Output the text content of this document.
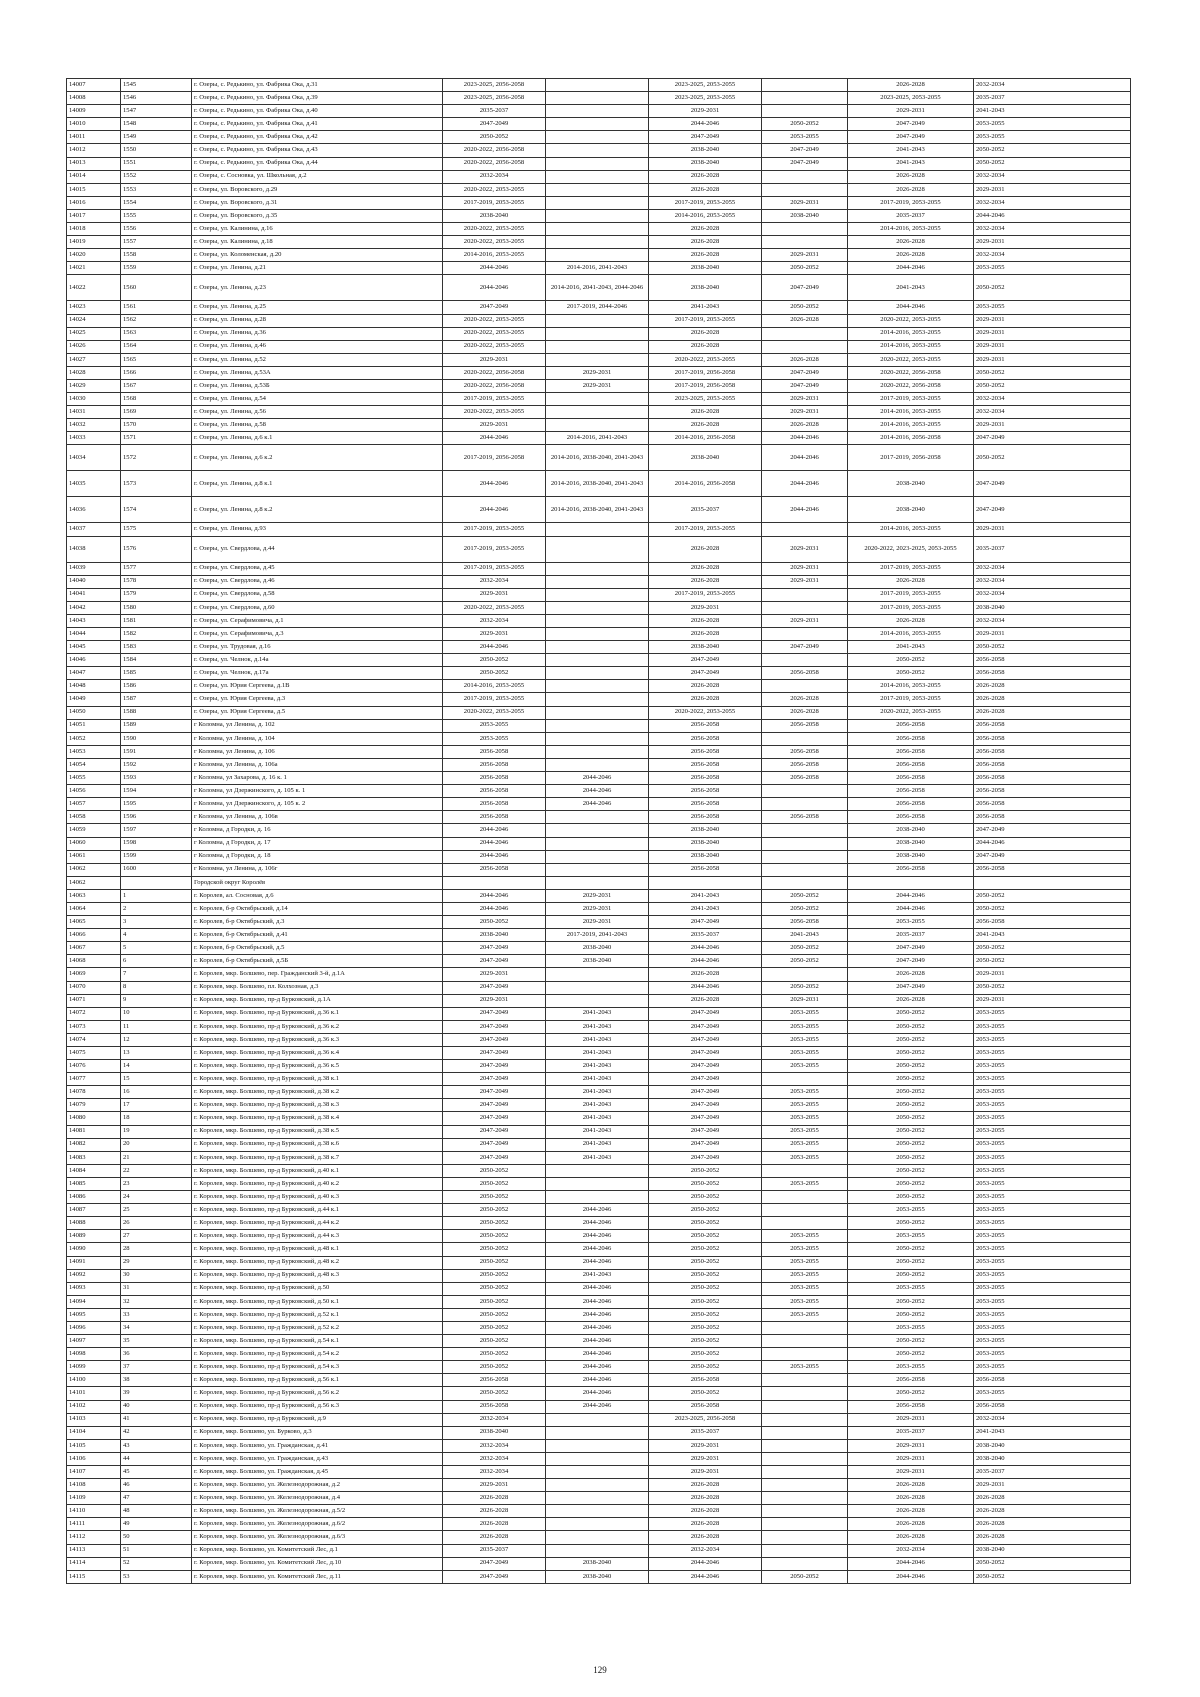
14007	1545	г. Озеры, с. Редькино, ул. Фабрика Ока, д.31	2023-2025, 2056-2058		2023-2025, 2053-2055		2026-2028	2032-2034
14008	1546	г. Озеры, с. Редькино, ул. Фабрика Ока, д.39	2023-2025, 2056-2058		2023-2025, 2053-2055		2023-2025, 2053-2055	2035-2037
14009	1547	г. Озеры, с. Редькино, ул. Фабрика Ока, д.40	2035-2037		2029-2031		2029-2031	2041-2043
14010	1548	г. Озеры, с. Редькино, ул. Фабрика Ока, д.41	2047-2049		2044-2046	2050-2052	2047-2049	2053-2055
14011	1549	г. Озеры, с. Редькино, ул. Фабрика Ока, д.42	2050-2052		2047-2049	2053-2055	2047-2049	2053-2055
14012	1550	г. Озеры, с. Редькино, ул. Фабрика Ока, д.43	2020-2022, 2056-2058		2038-2040	2047-2049	2041-2043	2050-2052
14013	1551	г. Озеры, с. Редькино, ул. Фабрика Ока, д.44	2020-2022, 2056-2058		2038-2040	2047-2049	2041-2043	2050-2052
14014	1552	г. Озеры, с. Сосновка, ул. Школьная, д.2	2032-2034		2026-2028		2026-2028	2032-2034
14015	1553	г. Озеры, ул. Воровского, д.29	2020-2022, 2053-2055		2026-2028		2026-2028	2029-2031
14016	1554	г. Озеры, ул. Воровского, д.31	2017-2019, 2053-2055		2017-2019, 2053-2055	2029-2031	2017-2019, 2053-2055	2032-2034
14017	1555	г. Озеры, ул. Воровского, д.35	2038-2040		2014-2016, 2053-2055	2038-2040	2035-2037	2044-2046
14018	1556	г. Озеры, ул. Калинина, д.16	2020-2022, 2053-2055		2026-2028		2014-2016, 2053-2055	2032-2034
14019	1557	г. Озеры, ул. Калинина, д.18	2020-2022, 2053-2055		2026-2028		2026-2028	2029-2031
14020	1558	г. Озеры, ул. Коломенская, д.20	2014-2016, 2053-2055		2026-2028	2029-2031	2026-2028	2032-2034
14021	1559	г. Озеры, ул. Ленина, д.21	2044-2046	2014-2016, 2041-2043	2038-2040	2050-2052	2044-2046	2053-2055
14022	1560	г. Озеры, ул. Ленина, д.23	2044-2046	2014-2016, 2041-2043, 2044-2046	2038-2040	2047-2049	2041-2043	2050-2052
14023	1561	г. Озеры, ул. Ленина, д.25	2047-2049	2017-2019, 2044-2046	2041-2043	2050-2052	2044-2046	2053-2055
14024	1562	г. Озеры, ул. Ленина, д.28	2020-2022, 2053-2055		2017-2019, 2053-2055	2026-2028	2020-2022, 2053-2055	2029-2031
14025	1563	г. Озеры, ул. Ленина, д.36	2020-2022, 2053-2055		2026-2028		2014-2016, 2053-2055	2029-2031
14026	1564	г. Озеры, ул. Ленина, д.46	2020-2022, 2053-2055		2026-2028		2014-2016, 2053-2055	2029-2031
14027	1565	г. Озеры, ул. Ленина, д.52	2029-2031		2020-2022, 2053-2055	2026-2028	2020-2022, 2053-2055	2029-2031
14028	1566	г. Озеры, ул. Ленина, д.53А	2020-2022, 2056-2058	2029-2031	2017-2019, 2056-2058	2047-2049	2020-2022, 2056-2058	2050-2052
14029	1567	г. Озеры, ул. Ленина, д.53Б	2020-2022, 2056-2058	2029-2031	2017-2019, 2056-2058	2047-2049	2020-2022, 2056-2058	2050-2052
14030	1568	г. Озеры, ул. Ленина, д.54	2017-2019, 2053-2055		2023-2025, 2053-2055	2029-2031	2017-2019, 2053-2055	2032-2034
14031	1569	г. Озеры, ул. Ленина, д.56	2020-2022, 2053-2055		2026-2028	2029-2031	2014-2016, 2053-2055	2032-2034
14032	1570	г. Озеры, ул. Ленина, д.58	2029-2031		2026-2028	2026-2028	2014-2016, 2053-2055	2029-2031
14033	1571	г. Озеры, ул. Ленина, д.6 к.1	2044-2046	2014-2016, 2041-2043	2014-2016, 2056-2058	2044-2046	2014-2016, 2056-2058	2047-2049
14034	1572	г. Озеры, ул. Ленина, д.6 к.2	2017-2019, 2056-2058	2014-2016, 2038-2040, 2041-2043	2038-2040	2044-2046	2017-2019, 2056-2058	2050-2052
14035	1573	г. Озеры, ул. Ленина, д.8 к.1	2044-2046	2014-2016, 2038-2040, 2041-2043	2014-2016, 2056-2058	2044-2046	2038-2040	2047-2049
14036	1574	г. Озеры, ул. Ленина, д.8 к.2	2044-2046	2014-2016, 2038-2040, 2041-2043	2035-2037	2044-2046	2038-2040	2047-2049
14037	1575	г. Озеры, ул. Ленина, д.93	2017-2019, 2053-2055		2017-2019, 2053-2055		2014-2016, 2053-2055	2029-2031
14038	1576	г. Озеры, ул. Свердлова, д.44	2017-2019, 2053-2055		2026-2028	2029-2031	2020-2022, 2023-2025, 2053-2055	2035-2037
14039	1577	г. Озеры, ул. Свердлова, д.45	2017-2019, 2053-2055		2026-2028	2029-2031	2017-2019, 2053-2055	2032-2034
14040	1578	г. Озеры, ул. Свердлова, д.46	2032-2034		2026-2028	2029-2031	2026-2028	2032-2034
14041	1579	г. Озеры, ул. Свердлова, д.58	2029-2031		2017-2019, 2053-2055		2017-2019, 2053-2055	2032-2034
14042	1580	г. Озеры, ул. Свердлова, д.60	2020-2022, 2053-2055		2029-2031		2017-2019, 2053-2055	2038-2040
14043	1581	г. Озеры, ул. Серафимовича, д.1	2032-2034		2026-2028	2029-2031	2026-2028	2032-2034
14044	1582	г. Озеры, ул. Серафимовича, д.3	2029-2031		2026-2028		2014-2016, 2053-2055	2029-2031
14045	1583	г. Озеры, ул. Трудовая, д.16	2044-2046		2038-2040	2047-2049	2041-2043	2050-2052
14046	1584	г. Озеры, ул. Челнок, д.14а	2050-2052		2047-2049		2050-2052	2056-2058
14047	1585	г. Озеры, ул. Челнок, д.17а	2050-2052		2047-2049	2056-2058	2050-2052	2056-2058
14048	1586	г. Озеры, ул. Юрия Сергеева, д.1В	2014-2016, 2053-2055		2026-2028		2014-2016, 2053-2055	2026-2028
14049	1587	г. Озеры, ул. Юрия Сергеева, д.3	2017-2019, 2053-2055		2026-2028	2026-2028	2017-2019, 2053-2055	2026-2028
14050	1588	г. Озеры, ул. Юрия Сергеева, д.5	2020-2022, 2053-2055		2020-2022, 2053-2055	2026-2028	2020-2022, 2053-2055	2026-2028
14051	1589	г Коломна, ул Ленина, д. 102	2053-2055		2056-2058	2056-2058	2056-2058	2056-2058
14052	1590	г Коломна, ул Ленина, д. 104	2053-2055		2056-2058		2056-2058	2056-2058
14053	1591	г Коломна, ул Ленина, д. 106	2056-2058		2056-2058	2056-2058	2056-2058	2056-2058
14054	1592	г Коломна, ул Ленина, д. 106а	2056-2058		2056-2058	2056-2058	2056-2058	2056-2058
14055	1593	г Коломна, ул Захарова, д. 16 к. 1	2056-2058	2044-2046	2056-2058	2056-2058	2056-2058	2056-2058
14056	1594	г Коломна, ул Дзержинского, д. 105 к. 1	2056-2058	2044-2046	2056-2058		2056-2058	2056-2058
14057	1595	г Коломна, ул Дзержинского, д. 105 к. 2	2056-2058	2044-2046	2056-2058		2056-2058	2056-2058
14058	1596	г Коломна, ул Ленина, д. 106в	2056-2058		2056-2058	2056-2058	2056-2058	2056-2058
14059	1597	г Коломна, д Городки, д. 16	2044-2046		2038-2040		2038-2040	2047-2049
14060	1598	г Коломна, д Городки, д. 17	2044-2046		2038-2040		2038-2040	2044-2046
14061	1599	г Коломна, д Городки, д. 18	2044-2046		2038-2040		2038-2040	2047-2049
14062	1600	г Коломна, ул Ленина, д. 106г	2056-2058		2056-2058		2056-2058	2056-2058
14062		Городской округ Королёв						
14063	1	г. Королев, ал. Сосновая, д.6	2044-2046	2029-2031	2041-2043	2050-2052	2044-2046	2050-2052
14064	2	г. Королев, б-р Октябрьский, д.14	2044-2046	2029-2031	2041-2043	2050-2052	2044-2046	2050-2052
14065	3	г. Королев, б-р Октябрьский, д.3	2050-2052	2029-2031	2047-2049	2056-2058	2053-2055	2056-2058
14066	4	г. Королев, б-р Октябрьский, д.41	2038-2040	2017-2019, 2041-2043	2035-2037	2041-2043	2035-2037	2041-2043
14067	5	г. Королев, б-р Октябрьский, д.5	2047-2049	2038-2040	2044-2046	2050-2052	2047-2049	2050-2052
14068	6	г. Королев, б-р Октябрьский, д.5Б	2047-2049	2038-2040	2044-2046	2050-2052	2047-2049	2050-2052
14069	7	г. Королев, мкр. Болшево, пер. Гражданский 3-й, д.1А	2029-2031		2026-2028		2026-2028	2029-2031
14070	8	г. Королев, мкр. Болшево, пл. Колхозная, д.3	2047-2049		2044-2046	2050-2052	2047-2049	2050-2052
14071	9	г. Королев, мкр. Болшево, пр-д Бурковский, д.1А	2029-2031		2026-2028	2029-2031	2026-2028	2029-2031
14072	10	г. Королев, мкр. Болшево, пр-д Бурковский, д.36 к.1	2047-2049	2041-2043	2047-2049	2053-2055	2050-2052	2053-2055
14073	11	г. Королев, мкр. Болшево, пр-д Бурковский, д.36 к.2	2047-2049	2041-2043	2047-2049	2053-2055	2050-2052	2053-2055
14074	12	г. Королев, мкр. Болшево, пр-д Бурковский, д.36 к.3	2047-2049	2041-2043	2047-2049	2053-2055	2050-2052	2053-2055
14075	13	г. Королев, мкр. Болшево, пр-д Бурковский, д.36 к.4	2047-2049	2041-2043	2047-2049	2053-2055	2050-2052	2053-2055
14076	14	г. Королев, мкр. Болшево, пр-д Бурковский, д.36 к.5	2047-2049	2041-2043	2047-2049	2053-2055	2050-2052	2053-2055
14077	15	г. Королев, мкр. Болшево, пр-д Бурковский, д.38 к.1	2047-2049	2041-2043	2047-2049		2050-2052	2053-2055
14078	16	г. Королев, мкр. Болшево, пр-д Бурковский, д.38 к.2	2047-2049	2041-2043	2047-2049	2053-2055	2050-2052	2053-2055
14079	17	г. Королев, мкр. Болшево, пр-д Бурковский, д.38 к.3	2047-2049	2041-2043	2047-2049	2053-2055	2050-2052	2053-2055
14080	18	г. Королев, мкр. Болшево, пр-д Бурковский, д.38 к.4	2047-2049	2041-2043	2047-2049	2053-2055	2050-2052	2053-2055
14081	19	г. Королев, мкр. Болшево, пр-д Бурковский, д.38 к.5	2047-2049	2041-2043	2047-2049	2053-2055	2050-2052	2053-2055
14082	20	г. Королев, мкр. Болшево, пр-д Бурковский, д.38 к.6	2047-2049	2041-2043	2047-2049	2053-2055	2050-2052	2053-2055
14083	21	г. Королев, мкр. Болшево, пр-д Бурковский, д.38 к.7	2047-2049	2041-2043	2047-2049	2053-2055	2050-2052	2053-2055
14084	22	г. Королев, мкр. Болшево, пр-д Бурковский, д.40 к.1	2050-2052		2050-2052		2050-2052	2053-2055
14085	23	г. Королев, мкр. Болшево, пр-д Бурковский, д.40 к.2	2050-2052		2050-2052	2053-2055	2050-2052	2053-2055
14086	24	г. Королев, мкр. Болшево, пр-д Бурковский, д.40 к.3	2050-2052		2050-2052		2050-2052	2053-2055
14087	25	г. Королев, мкр. Болшево, пр-д Бурковский, д.44 к.1	2050-2052	2044-2046	2050-2052		2053-2055	2053-2055
14088	26	г. Королев, мкр. Болшево, пр-д Бурковский, д.44 к.2	2050-2052	2044-2046	2050-2052		2050-2052	2053-2055
14089	27	г. Королев, мкр. Болшево, пр-д Бурковский, д.44 к.3	2050-2052	2044-2046	2050-2052	2053-2055	2053-2055	2053-2055
14090	28	г. Королев, мкр. Болшево, пр-д Бурковский, д.48 к.1	2050-2052	2044-2046	2050-2052	2053-2055	2050-2052	2053-2055
14091	29	г. Королев, мкр. Болшево, пр-д Бурковский, д.48 к.2	2050-2052	2044-2046	2050-2052	2053-2055	2050-2052	2053-2055
14092	30	г. Королев, мкр. Болшево, пр-д Бурковский, д.48 к.3	2050-2052	2041-2043	2050-2052	2053-2055	2050-2052	2053-2055
14093	31	г. Королев, мкр. Болшево, пр-д Бурковский, д.50	2050-2052	2044-2046	2050-2052	2053-2055	2053-2055	2053-2055
14094	32	г. Королев, мкр. Болшево, пр-д Бурковский, д.50 к.1	2050-2052	2044-2046	2050-2052	2053-2055	2050-2052	2053-2055
14095	33	г. Королев, мкр. Болшево, пр-д Бурковский, д.52 к.1	2050-2052	2044-2046	2050-2052	2053-2055	2050-2052	2053-2055
14096	34	г. Королев, мкр. Болшево, пр-д Бурковский, д.52 к.2	2050-2052	2044-2046	2050-2052		2053-2055	2053-2055
14097	35	г. Королев, мкр. Болшево, пр-д Бурковский, д.54 к.1	2050-2052	2044-2046	2050-2052		2050-2052	2053-2055
14098	36	г. Королев, мкр. Болшево, пр-д Бурковский, д.54 к.2	2050-2052	2044-2046	2050-2052		2050-2052	2053-2055
14099	37	г. Королев, мкр. Болшево, пр-д Бурковский, д.54 к.3	2050-2052	2044-2046	2050-2052	2053-2055	2053-2055	2053-2055
14100	38	г. Королев, мкр. Болшево, пр-д Бурковский, д.56 к.1	2056-2058	2044-2046	2056-2058		2056-2058	2056-2058
14101	39	г. Королев, мкр. Болшево, пр-д Бурковский, д.56 к.2	2050-2052	2044-2046	2050-2052		2050-2052	2053-2055
14102	40	г. Королев, мкр. Болшево, пр-д Бурковский, д.56 к.3	2056-2058	2044-2046	2056-2058		2056-2058	2056-2058
14103	41	г. Королев, мкр. Болшево, пр-д Бурковский, д.9	2032-2034		2023-2025, 2056-2058		2029-2031	2032-2034
14104	42	г. Королев, мкр. Болшево, ул. Бурково, д.3	2038-2040		2035-2037		2035-2037	2041-2043
14105	43	г. Королев, мкр. Болшево, ул. Гражданская, д.41	2032-2034		2029-2031		2029-2031	2038-2040
14106	44	г. Королев, мкр. Болшево, ул. Гражданская, д.43	2032-2034		2029-2031		2029-2031	2038-2040
14107	45	г. Королев, мкр. Болшево, ул. Гражданская, д.45	2032-2034		2029-2031		2029-2031	2035-2037
14108	46	г. Королев, мкр. Болшево, ул. Железнодорожная, д.2	2029-2031		2026-2028		2026-2028	2029-2031
14109	47	г. Королев, мкр. Болшево, ул. Железнодорожная, д.4	2026-2028		2026-2028		2026-2028	2026-2028
14110	48	г. Королев, мкр. Болшево, ул. Железнодорожная, д.5/2	2026-2028		2026-2028		2026-2028	2026-2028
14111	49	г. Королев, мкр. Болшево, ул. Железнодорожная, д.6/2	2026-2028		2026-2028		2026-2028	2026-2028
14112	50	г. Королев, мкр. Болшево, ул. Железнодорожная, д.6/3	2026-2028		2026-2028		2026-2028	2026-2028
14113	51	г. Королев, мкр. Болшево, ул. Комитетский Лес, д.1	2035-2037		2032-2034		2032-2034	2038-2040
14114	52	г. Королев, мкр. Болшево, ул. Комитетский Лес, д.10	2047-2049	2038-2040	2044-2046		2044-2046	2050-2052
14115	53	г. Королев, мкр. Болшево, ул. Комитетский Лес, д.11	2047-2049	2038-2040	2044-2046	2050-2052	2044-2046	2050-2052
129
